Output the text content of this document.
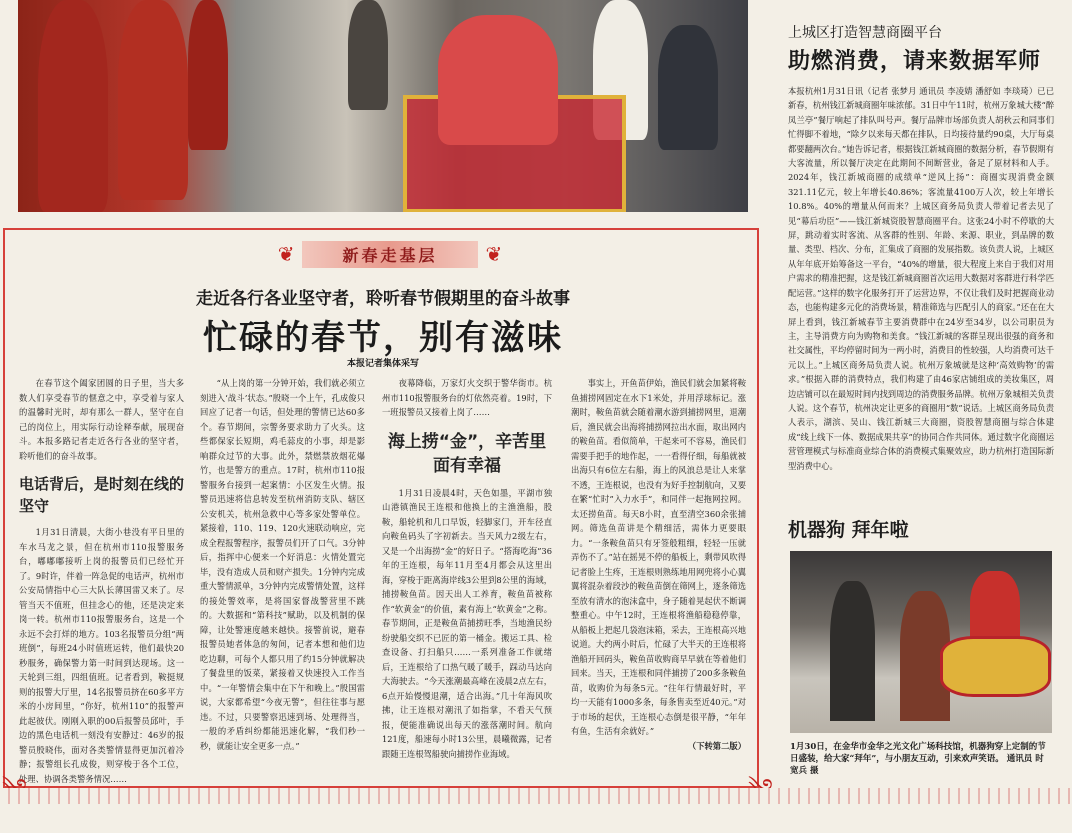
上城区打造智慧商圈平台
助燃消费，请来数据军师
本报杭州1月31日讯（记者 张梦月 通讯员 李凌婧 潘舒如 李琰琦）已已新春，杭州钱江新城商圈年味浓郁。31日中午11时，杭州万象城大楼“醉凤兰亭”餐厅响起了排队叫号声。餐厅品牌市场部负责人胡秋云和同事们忙得脚不着地，“除夕以来每天都在排队，日均接待量约90桌，大厅每桌都要翻两次台。”她告诉记者，根据钱江新城商圈的数据分析，春节假期有大客流量，所以餐厅决定在此期间不间断营业，备足了原材料和人手。2024年，钱江新城商圈的成绩单“逆风上扬”：商圈实现消费金额321.11亿元，较上年增长40.86%；客流量4100万人次，较上年增长10.8%。40%的增量从何而来？上城区商务局负责人带着记者去见了见“幕后功臣”——钱江新城资股智慧商圈平台。这张24小时不停歇的大屏，跳动着实时客流、从客群的性别、年龄、来源、职业，到品牌的数量、类型、档次、分布，汇集成了商圈的发展指数。该负责人说，上城区从年年底开始筹备这一平台，“40%的增量，很大程度上来自于我们对用户需求的精准把握，这是钱江新城商圈首次运用大数据对客群进行科学匹配运营。”这样的数字化服务打开了运营边界，不仅让我们及时把握商业动态，也能构建多元化的消费场景，精准筛选与匹配引人的商家。”还在在大屏上看到，钱江新城春节主要消费群中在24岁至34岁，以公司职员为主，主导消费方向为购物和美食。“钱江新城的客群呈现出很强的商务和社交属性，平均停留时间为一两小时，消费目的性较强，人均消费可达千元以上。”上城区商务局负责人说。杭州万象城就是这种‘高效购物’的需求。”根据入群的消费特点，我们构建了由46家店铺组成的美妆集区，周边店铺可以在最短时间内找到周边的消费服务品牌。杭州万象城相关负责人说。这个春节，杭州决定让更多的商圈用“数”说话。上城区商务局负责人表示，湖滨、吴山、钱江新城三大商圈，资股智慧商圈与综合体建成“线上线下一体、数据成果共享”的协同合作共同体。通过数字化商圈运营管理模式与标准商业综合体的消费模式集聚效应，助力杭州打造国际新型消费中心。
机器狗 拜年啦
1月30日，在金华市金华之光文化广场科技馆，机器狗穿上定制的节日盛装，给大家“拜年”，与小朋友互动，引来欢声笑语。 通讯员 时宽兵 摄
❦	新春走基层	❦
走近各行各业坚守者，聆听春节假期里的奋斗故事
忙碌的春节，别有滋味
本报记者集体采写

在春节这个阖家团圆的日子里，当大多数人们享受春节的惬意之中，享受着与家人的温馨时光时，却有那么一群人，坚守在自己的岗位上，用实际行动诠释奉献，展现奋斗。本报多路记者走近各行各业的坚守者，聆听他们的奋斗故事。

电话背后，是时刻在线的坚守

1月31日清晨，大街小巷没有平日里的车水马龙之景，但在杭州市110报警服务台，嘟嘟嘟接听上岗的报警员们已经忙开了。9时许，伴着一阵急促的电话声，杭州市公安局情指中心三大队长薄国雷又来了。尽管当天不值班，但挂念心的他，还是决定来岗一转。杭州市110报警服务台，这是一个永远不会打烊的地方。103名报警员分组“两班倒”，每班24小时值班运转，他们最快20秒服务，确保警力第一时间到达现场。这一天轮到三组，四组值班。记者看到，鞍挺规则的报警大厅里，14名报警员挤在60多平方米的小房间里，“你好，杭州110”的报警声此起彼伏。刚刚入职的00后报警员邱叶，手边的黑色电话机一刻没有安静过：46岁的报警员殷晓伟，面对各类警情显得更加沉着冷静；报警组长孔成俊，则穿梭于各个工位，处理、协调各类警务情况……

“从上岗的第一分钟开始，我们就必须立刻进入‘战斗’状态。”殷晓一个上午，孔成俊只回应了记者一句话，但处理的警情已达60多个。春节期间，宗警务要求助力了火头。这些都保家长短期，鸡毛蒜皮的小事，却是影响群众过节的大事。此外，禁燃禁放烟花爆竹，也是警方的重点。17时，杭州市110报警服务台接到一起案情：小区发生火情。报警员迅速将信息转发至杭州消防支队、辖区公安机关，杭州急救中心等多家处警单位。紧接着，110、119、120火速联动响应，完成全程报警程序，报警员们开了口气。3分钟后，指挥中心便来一个好消息：火情处置完毕，没有造成人员和财产损失。1分钟内完成重大警情派单，3分钟内完成警情处置，这样的接处警效率，是将国家督战警营里不跳的。大数据和“第科技”赋助，以及机制的保障，让处警速度越来越快。接警前说，避春报警员她者体急的匆间，记者本想和他们边吃边聊，可每个人都只用了约15分钟就解决了餐盘里的饭菜，紧接着又快速投入工作当中。“一年警情会集中在下午和晚上。”殷国雷说，大家都希望“今夜无警”，但往往事与愿违。不过，只要警察迅速到场、处理得当，一般的矛盾纠纷都能迅速化解，“我们秒一秒，就能让安全更多一点。”

夜幕降临，万家灯火交织于警华街市。杭州市110报警服务台的灯依然亮着。19时，下一班报警员又接着上岗了……

海上捞“金”，辛苦里面有幸福

1月31日凌晨4时，天色如墨，平湖市独山港镇渔民王连根和他换上的主渔渔船，股鞍，船轮机和几口早饭，轻脚家门，开车径直向鞍鱼码头了字初新去。当天风力2级左右，又是一个出海捞“金”的好日子。“搭海吃海”36年的王连根，每年11月至4月都会从这里出海，穿梭于距离海岸线3公里到8公里的海域，捕捞鞍鱼苗。因天出人工养育，鞍鱼苗被称作“软黄金”的价值，素有海上“软黄金”之称。春节期间，正是鞍鱼苗捕捞旺季，当地渔民纷纷驶船交织不已匠的第一桶金。搬运工具、检查设备、打扫船只……一系列准备工作就绪后，王连根给了口热气暖了暖手，踩动马达向大海驶去。“今天涨潮最高峰在凌晨2点左右，6点开始慢慢退潮，适合出海。”几十年海风吹拂，让王连根对潮汛了如指掌，不看天气预报，便能准确说出每天的涨落潮时间。航向121度，船速每小时13公里，晨曦微露，记者跟随王连根驾船驶向捕捞作业海域。

事实上，开鱼苗伊始，渔民们就会加紧将鞍鱼捕捞网固定在水下1米处，并用浮球标记。涨潮时，鞍鱼苗就会随着潮水游到捕捞网里，退潮后，渔民就会出海将捕捞网拉出水面，取出网内的鞍鱼苗。看似简单，干起来可不容易，渔民们需要手把手的地作起，一一看得仔细，每船就被出海只有6位左右船，海上的风浪总是让人来掌不透，王连根说，也没有为好手控制航向，又要在繁“忙时”入力水手”，和同伴一起拖网拉网。太还捞鱼苗。每天8小时，直至清空360余张捕网。筛选鱼苗讲是个精细活，需体力更要眼力。“一条鞍鱼苗只有牙签般粗细，轻轻一压就弄伤不了。”站在摇晃不停的船板上，剩带风吹得记者脸上生疼，王连根则熟练地用网兜将小心翼翼将混杂着段沙的鞍鱼苗倒在筛网上，逐条筛选至放有清水的泡沫盒中，身子随着晃起伏不断调整重心。中午12时，王连根将渔船稳稳停靠，从船板上把起几袋泡沫箱，采去，王连根高兴地说道。大约两小时后，忙碌了大半天的王连根将渔船开回码头，鞍鱼苗收购商早早就在等着他们回来。当天，王连根和同伴捕捞了200多条鞍鱼苗，收购价为每条5元。“往年行情最好时，平均一天能有1000多条，每条售卖至近40元。”对于市场的起伏，王连根心态倒是很平静，“年年有鱼，生活有余就好。”

（下转第二版）
